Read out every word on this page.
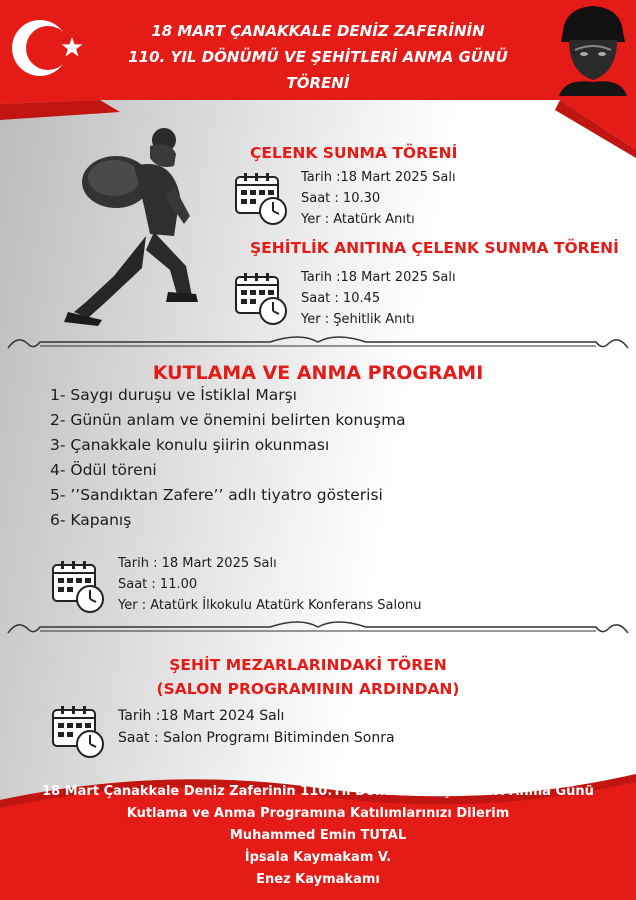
18 MART ÇANAKKALE DENİZ ZAFERİNİN
110. YIL DÖNÜMÜ VE ŞEHİTLERİ ANMA GÜNÜ
TÖRENİ
ÇELENK SUNMA TÖRENİ
Tarih :18 Mart 2025 Salı
Saat : 10.30
Yer : Atatürk Anıtı
ŞEHİTLİK ANITINA ÇELENK SUNMA TÖRENİ
Tarih :18 Mart 2025 Salı
Saat : 10.45
Yer : Şehitlik Anıtı
KUTLAMA VE ANMA PROGRAMI
1- Saygı duruşu ve İstiklal Marşı
2- Günün anlam ve önemini belirten konuşma
3- Çanakkale konulu şiirin okunması
4- Ödül töreni
5- ’’Sandıktan Zafere’’ adlı tiyatro gösterisi
6- Kapanış
Tarih : 18 Mart 2025 Salı
Saat : 11.00
Yer : Atatürk İlkokulu Atatürk Konferans Salonu
ŞEHİT MEZARLARINDAKİ TÖREN
(SALON PROGRAMININ ARDINDAN)
Tarih :18 Mart 2024 Salı
Saat : Salon Programı Bitiminden Sonra
18 Mart Çanakkale Deniz Zaferinin 110.Yıl Dönümü ve Şehitleri Anma Günü
Kutlama ve Anma Programına Katılımlarınızı Dilerim
Muhammed Emin TUTAL
İpsala Kaymakam V.
Enez Kaymakamı
